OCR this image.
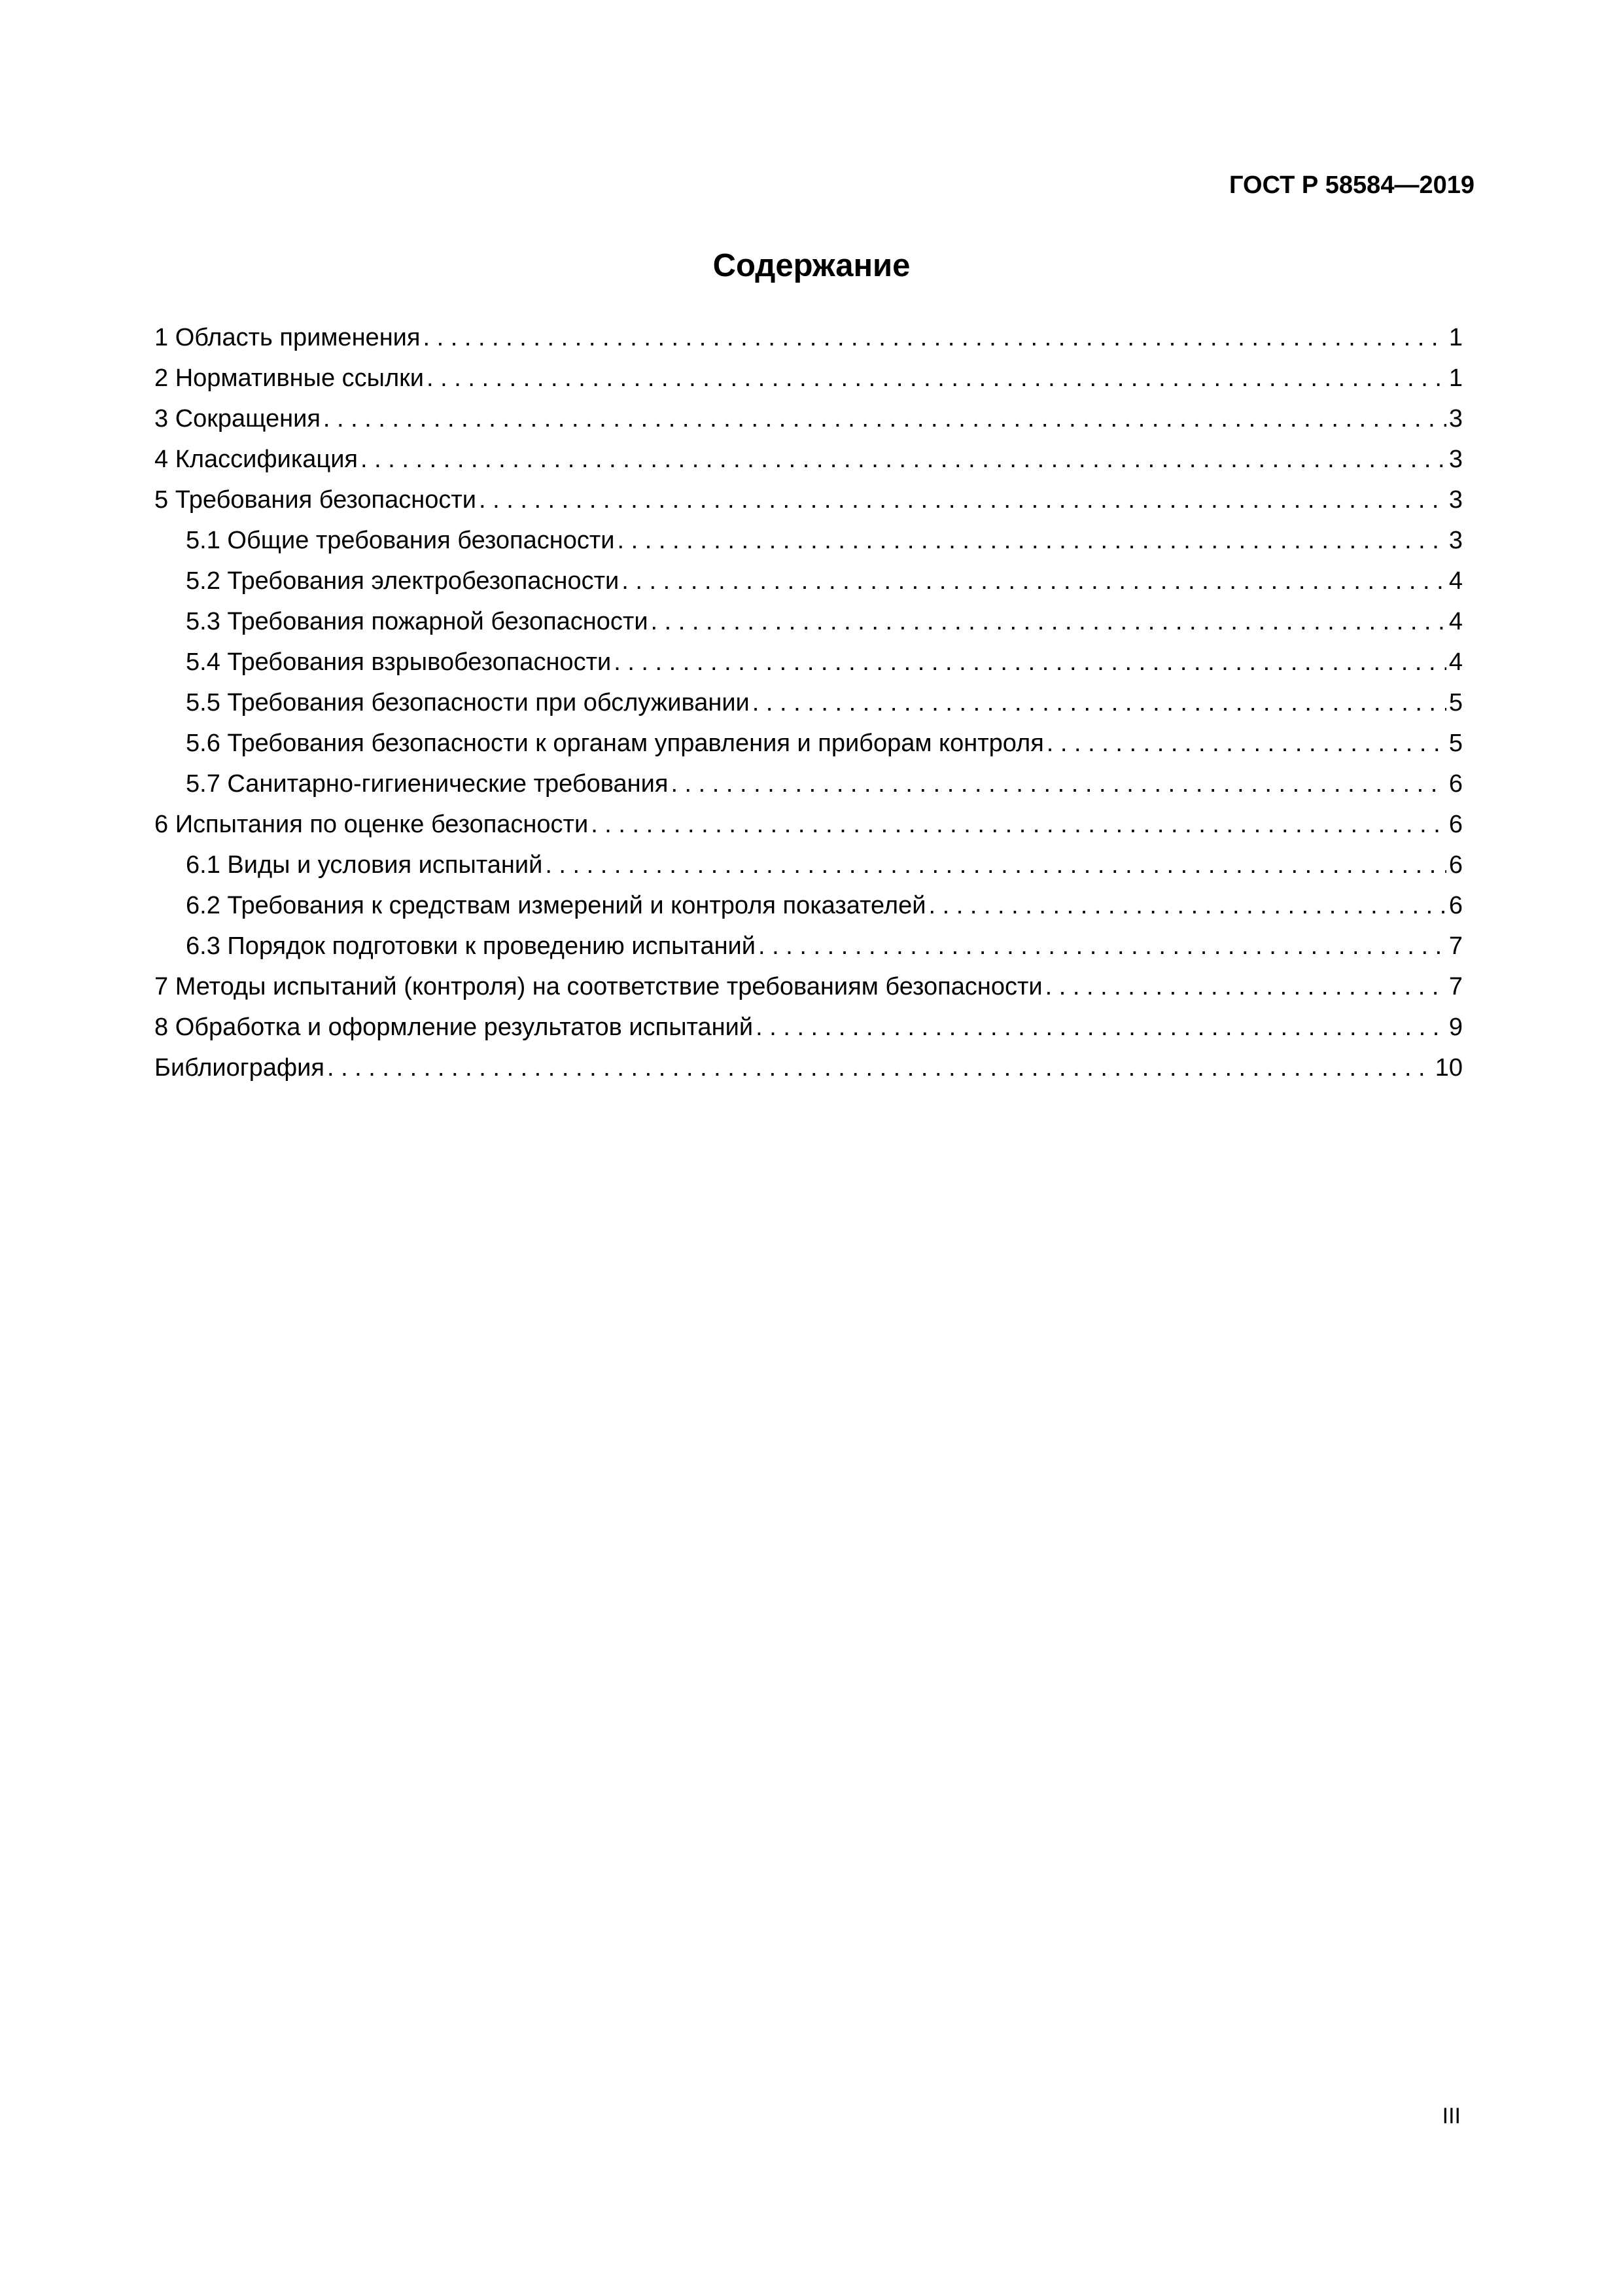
ГОСТ Р 58584—2019
Содержание
1 Область применения . . .	1
2 Нормативные ссылки . . .	1
3 Сокращения . . .	3
4 Классификация . . .	3
5 Требования безопасности . . .	3
5.1 Общие требования безопасности . . .	3
5.2 Требования электробезопасности . . .	4
5.3 Требования пожарной безопасности . . .	4
5.4 Требования взрывобезопасности . . .	4
5.5 Требования безопасности при обслуживании . . .	5
5.6 Требования безопасности к органам управления и приборам контроля . . .	5
5.7 Санитарно-гигиенические требования . . .	6
6 Испытания по оценке безопасности . . .	6
6.1 Виды и условия испытаний . . .	6
6.2 Требования к средствам измерений и контроля показателей . . .	6
6.3 Порядок подготовки к проведению испытаний . . .	7
7 Методы испытаний (контроля) на соответствие требованиям безопасности . . .	7
8 Обработка и оформление результатов испытаний . . .	9
Библиография . . .	10
III
